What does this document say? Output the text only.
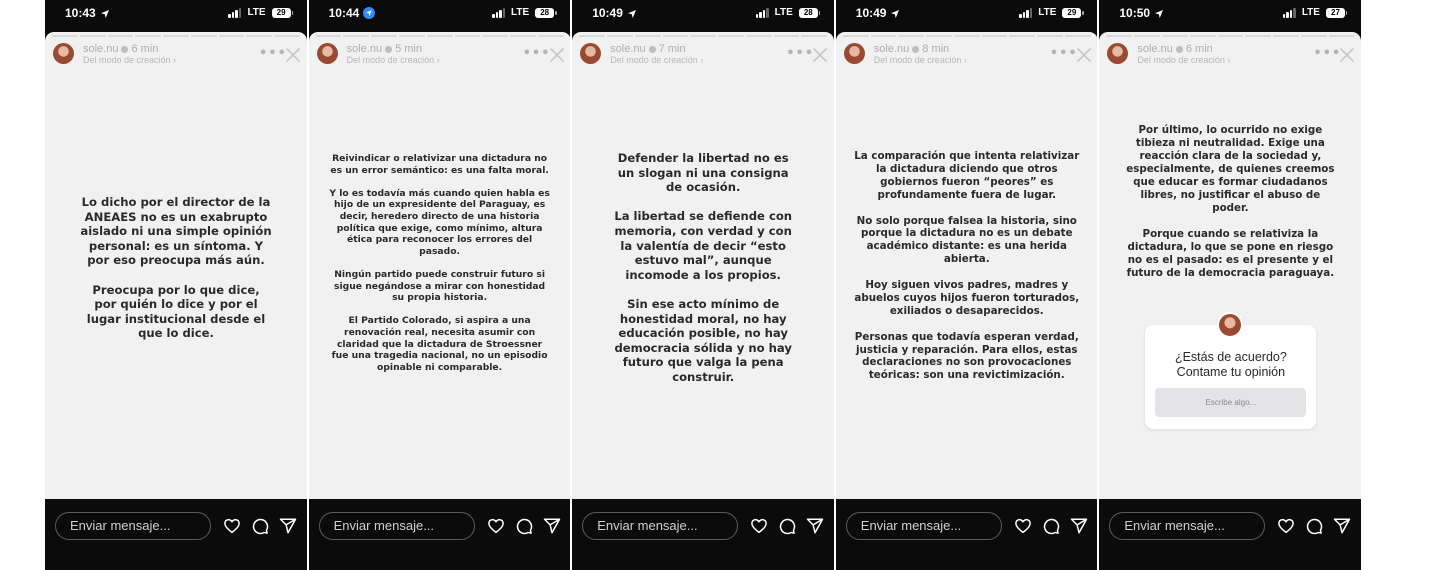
10:43	LTE	29
sole.nu 6 min
Del modo de creación ›	•••

Lo dicho por el director de la
ANEAES no es un exabrupto
aislado ni una simple opinión
personal: es un síntoma. Y
por eso preocupa más aún.

Preocupa por lo que dice,
por quién lo dice y por el
lugar institucional desde el
que lo dice.

Enviar mensaje...
10:44	LTE	28
sole.nu 5 min
Del modo de creación ›	•••

Reivindicar o relativizar una dictadura no
es un error semántico: es una falta moral.

Y lo es todavía más cuando quien habla es
hijo de un expresidente del Paraguay, es
decir, heredero directo de una historia
política que exige, como mínimo, altura
ética para reconocer los errores del
pasado.

Ningún partido puede construir futuro si
sigue negándose a mirar con honestidad
su propia historia.

El Partido Colorado, si aspira a una
renovación real, necesita asumir con
claridad que la dictadura de Stroessner
fue una tragedia nacional, no un episodio
opinable ni comparable.

Enviar mensaje...
10:49	LTE	28
sole.nu 7 min
Del modo de creación ›	•••

Defender la libertad no es
un slogan ni una consigna
de ocasión.

La libertad se defiende con
memoria, con verdad y con
la valentía de decir “esto
estuvo mal”, aunque
incomode a los propios.

Sin ese acto mínimo de
honestidad moral, no hay
educación posible, no hay
democracia sólida y no hay
futuro que valga la pena
construir.

Enviar mensaje...
10:49	LTE	29
sole.nu 8 min
Del modo de creación ›	•••

La comparación que intenta relativizar
la dictadura diciendo que otros
gobiernos fueron “peores” es
profundamente fuera de lugar.

No solo porque falsea la historia, sino
porque la dictadura no es un debate
académico distante: es una herida
abierta.

Hoy siguen vivos padres, madres y
abuelos cuyos hijos fueron torturados,
exiliados o desaparecidos.

Personas que todavía esperan verdad,
justicia y reparación. Para ellos, estas
declaraciones no son provocaciones
teóricas: son una revictimización.

Enviar mensaje...
10:50	LTE	27
sole.nu 6 min
Del modo de creación ›	•••

Por último, lo ocurrido no exige
tibieza ni neutralidad. Exige una
reacción clara de la sociedad y,
especialmente, de quienes creemos
que educar es formar ciudadanos
libres, no justificar el abuso de
poder.

Porque cuando se relativiza la
dictadura, lo que se pone en riesgo
no es el pasado: es el presente y el
futuro de la democracia paraguaya.

¿Estás de acuerdo?
Contame tu opinión
Escribe algo...
Enviar mensaje...
